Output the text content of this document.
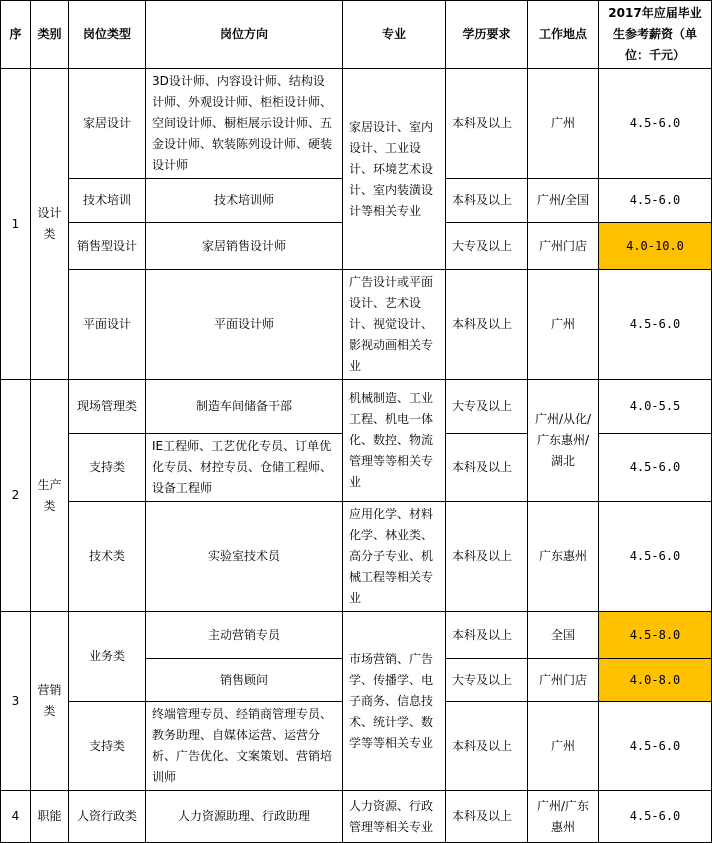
序	类别	岗位类型	岗位方向	专业	学历要求	工作地点	2017年应届毕业生参考薪资（单位：千元）
1	设计类	家居设计	3D设计师、内容设计师、结构设计师、外观设计师、柜柜设计师、空间设计师、橱柜展示设计师、五金设计师、软装陈列设计师、硬装设计师	家居设计、室内设计、工业设计、环境艺术设计、室内装潢设计等相关专业	本科及以上	广州	4.5-6.0
		技术培训	技术培训师		本科及以上	广州/全国	4.5-6.0
		销售型设计	家居销售设计师		大专及以上	广州门店	4.0-10.0
		平面设计	平面设计师	广告设计或平面设计、艺术设计、视觉设计、影视动画相关专业	本科及以上	广州	4.5-6.0
2	生产类	现场管理类	制造车间储备干部	机械制造、工业工程、机电一体化、数控、物流管理等等相关专业	大专及以上	广州/从化/广东惠州/湖北	4.0-5.5
		支持类	IE工程师、工艺优化专员、订单优化专员、材控专员、仓储工程师、设备工程师		本科及以上		4.5-6.0
		技术类	实验室技术员	应用化学、材料化学、林业类、高分子专业、机械工程等相关专业	本科及以上	广东惠州	4.5-6.0
3	营销类	业务类	主动营销专员	市场营销、广告学、传播学、电子商务、信息技术、统计学、数学等等相关专业	本科及以上	全国	4.5-8.0
			销售顾问		大专及以上	广州门店	4.0-8.0
		支持类	终端管理专员、经销商管理专员、教务助理、自媒体运营、运营分析、广告优化、文案策划、营销培训师		本科及以上	广州	4.5-6.0
4	职能	人资行政类	人力资源助理、行政助理	人力资源、行政管理等相关专业	本科及以上	广州/广东惠州	4.5-6.0
